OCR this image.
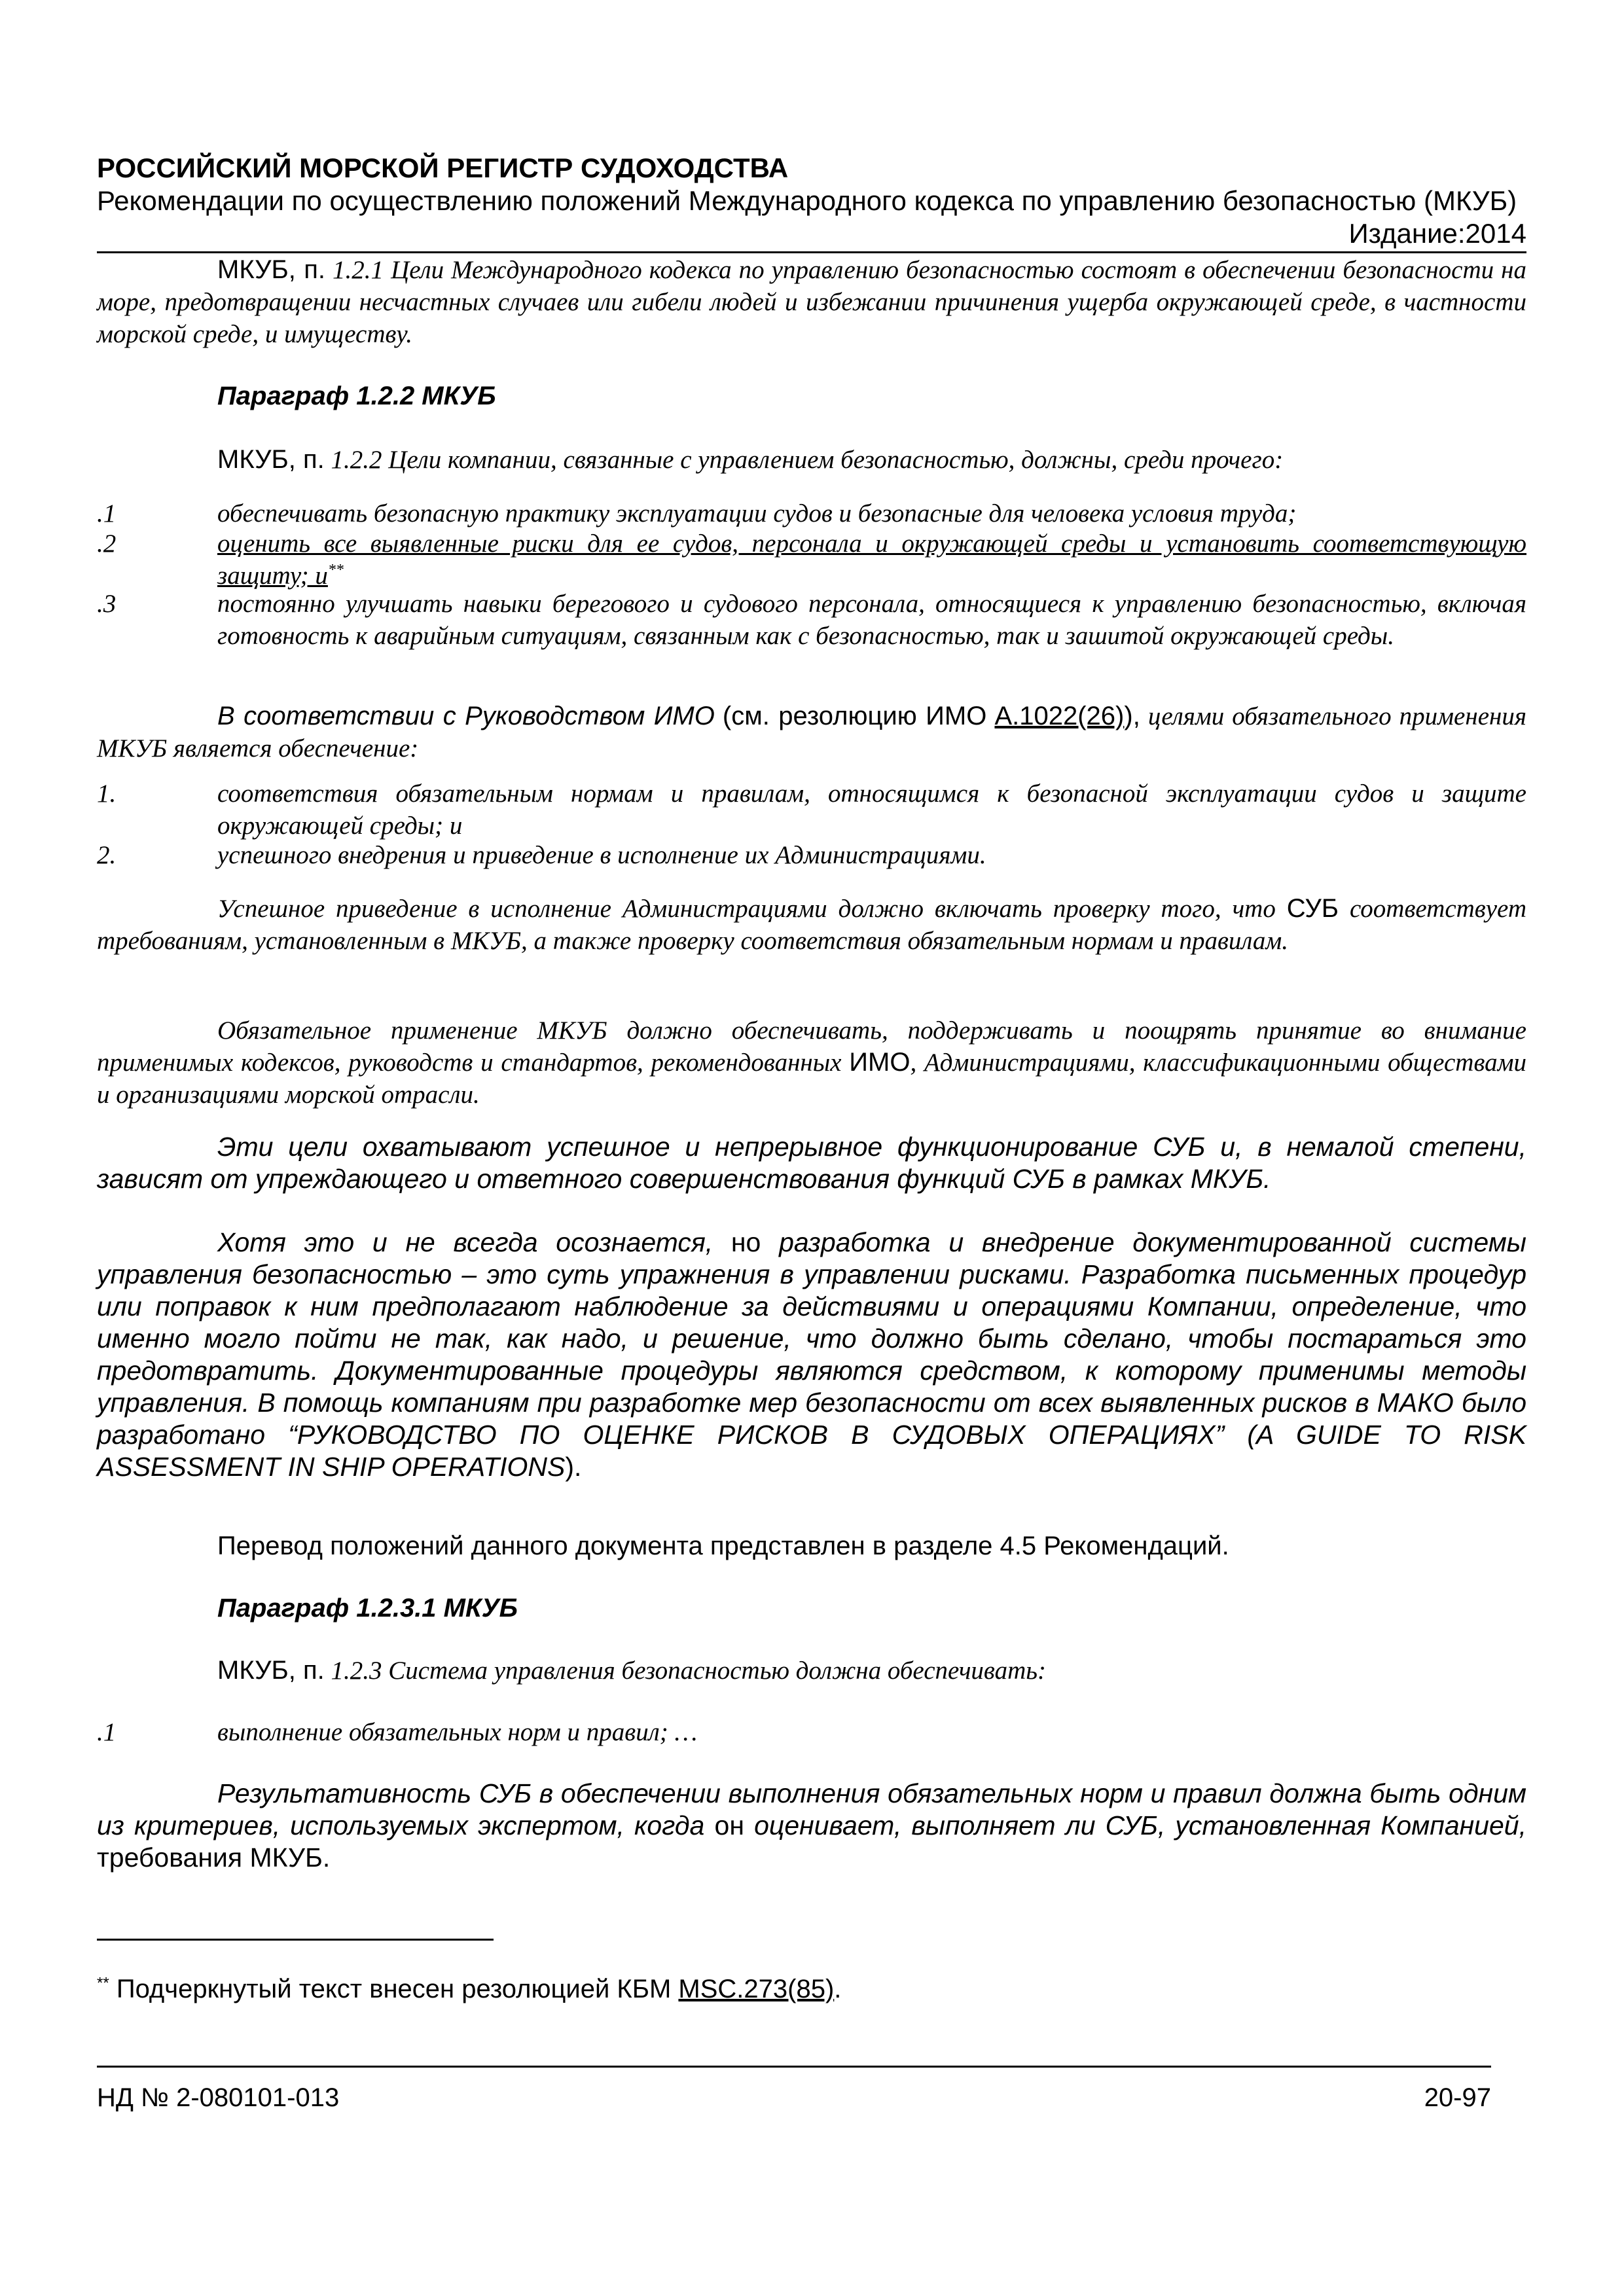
РОССИЙСКИЙ МОРСКОЙ РЕГИСТР СУДОХОДСТВА
Рекомендации по осуществлению положений Международного кодекса по управлению безопасностью (МКУБ)
Издание:2014
МКУБ, п. 1.2.1 Цели Международного кодекса по управлению безопасностью состоят в обеспечении безопасности на море, предотвращении несчастных случаев или гибели людей и избежании причинения ущерба окружающей среде, в частности морской среде, и имуществу.
Параграф 1.2.2 МКУБ
МКУБ, п. 1.2.2 Цели компании, связанные с управлением безопасностью, должны, среди прочего:
.1	обеспечивать безопасную практику эксплуатации судов и безопасные для человека условия труда;
.2	оценить все выявленные риски для ее судов, персонала и окружающей среды и установить соответствующую защиту; и**
.3	постоянно улучшать навыки берегового и судового персонала, относящиеся к управлению безопасностью, включая готовность к аварийным ситуациям, связанным как с безопасностью, так и зашитой окружающей среды.
В соответствии с Руководством ИМО (см. резолюцию ИМО A.1022(26)), целями обязательного применения МКУБ является обеспечение:
1.	соответствия обязательным нормам и правилам, относящимся к безопасной эксплуатации судов и защите окружающей среды; и
2.	успешного внедрения и приведение в исполнение их Администрациями.
Успешное приведение в исполнение Администрациями должно включать проверку того, что СУБ соответствует требованиям, установленным в МКУБ, а также проверку соответствия обязательным нормам и правилам.
Обязательное применение МКУБ должно обеспечивать, поддерживать и поощрять принятие во внимание применимых кодексов, руководств и стандартов, рекомендованных ИМО, Администрациями, классификационными обществами и организациями морской отрасли.
Эти цели охватывают успешное и непрерывное функционирование СУБ и, в немалой степени, зависят от упреждающего и ответного совершенствования функций СУБ в рамках МКУБ.
Хотя это и не всегда осознается, но разработка и внедрение документированной системы управления безопасностью – это суть упражнения в управлении рисками. Разработка письменных процедур или поправок к ним предполагают наблюдение за действиями и операциями Компании, определение, что именно могло пойти не так, как надо, и решение, что должно быть сделано, чтобы постараться это предотвратить. Документированные процедуры являются средством, к которому применимы методы управления. В помощь компаниям при разработке мер безопасности от всех выявленных рисков в МАКО было разработано “РУКОВОДСТВО ПО ОЦЕНКЕ РИСКОВ В СУДОВЫХ ОПЕРАЦИЯХ” (A GUIDE TO RISK ASSESSMENT IN SHIP OPERATIONS).
Перевод положений данного документа представлен в разделе 4.5 Рекомендаций.
Параграф 1.2.3.1 МКУБ
МКУБ, п. 1.2.3 Система управления безопасностью должна обеспечивать:
.1	выполнение обязательных норм и правил; …
Результативность СУБ в обеспечении выполнения обязательных норм и правил должна быть одним из критериев, используемых экспертом, когда он оценивает, выполняет ли СУБ, установленная Компанией, требования МКУБ.
** Подчеркнутый текст внесен резолюцией КБМ MSC.273(85).
НД № 2-080101-013	20-97
